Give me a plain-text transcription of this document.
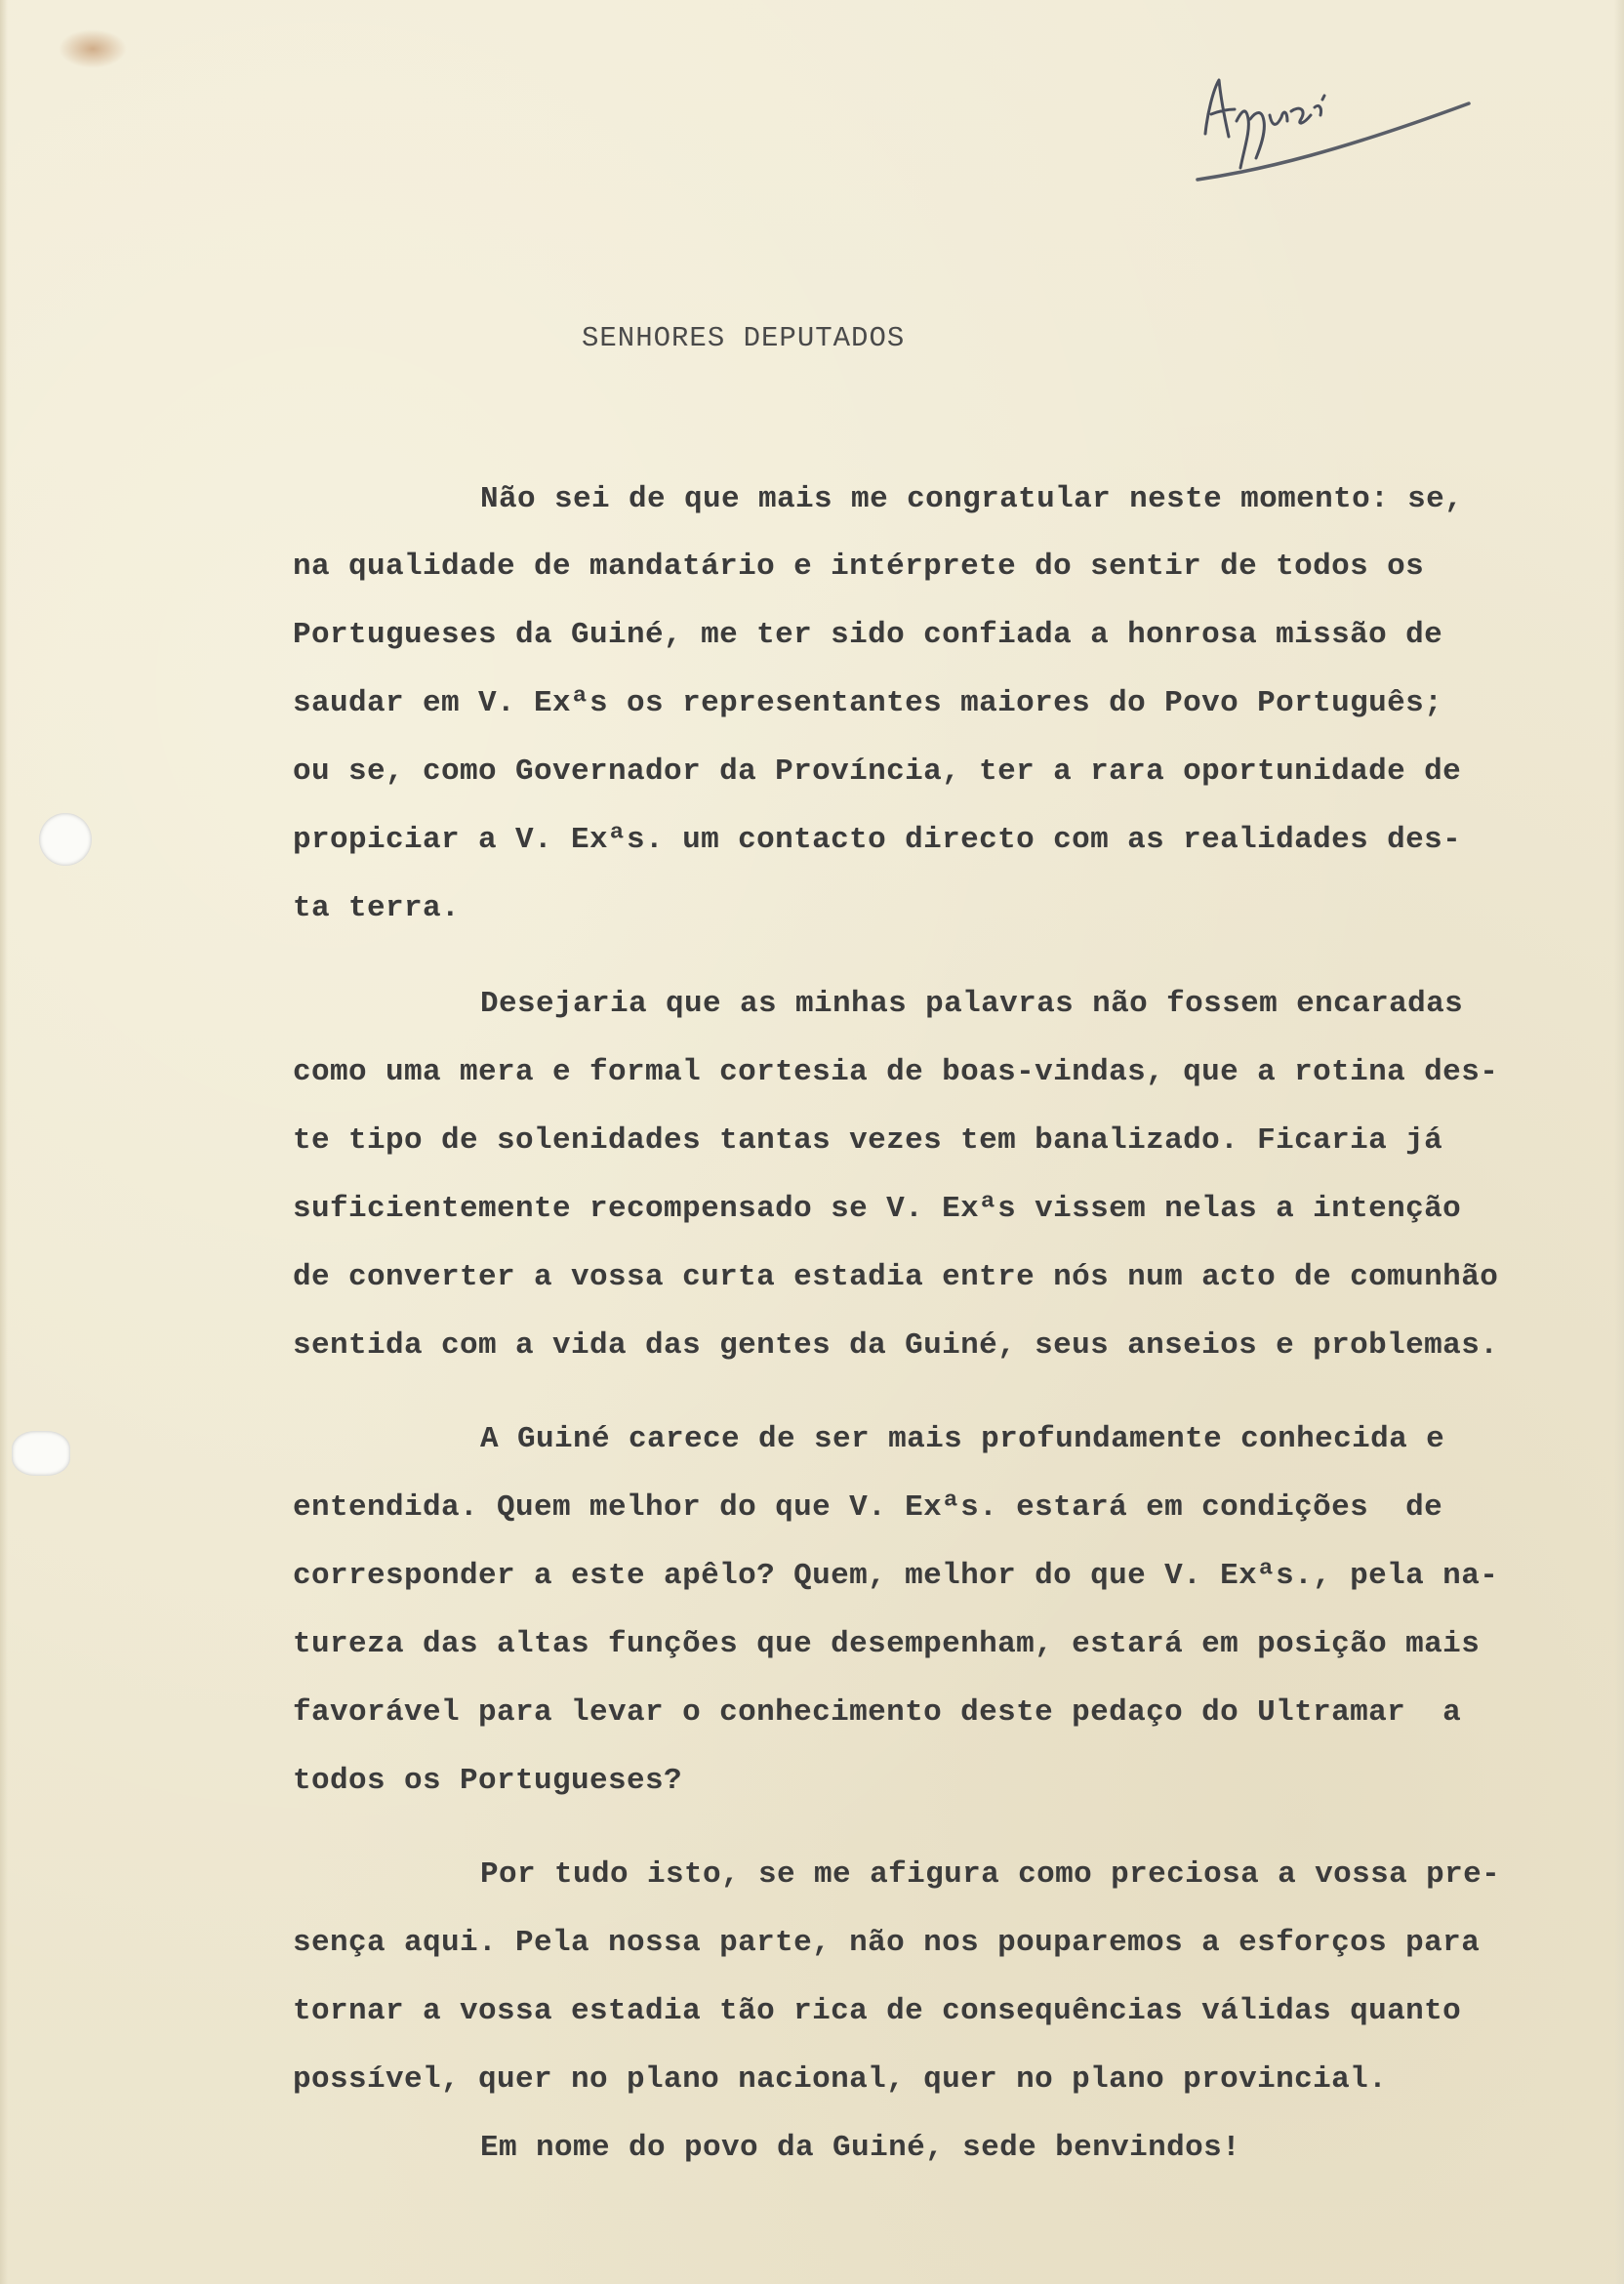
SENHORES DEPUTADOS
Não sei de que mais me congratular neste momento: se,
na qualidade de mandatário e intérprete do sentir de todos os
Portugueses da Guiné, me ter sido confiada a honrosa missão de
saudar em V. Exªs os representantes maiores do Povo Português;
ou se, como Governador da Província, ter a rara oportunidade de
propiciar a V. Exªs. um contacto directo com as realidades des-
ta terra.
Desejaria que as minhas palavras não fossem encaradas
como uma mera e formal cortesia de boas-vindas, que a rotina des-
te tipo de solenidades tantas vezes tem banalizado. Ficaria já
suficientemente recompensado se V. Exªs vissem nelas a intenção
de converter a vossa curta estadia entre nós num acto de comunhão
sentida com a vida das gentes da Guiné, seus anseios e problemas.
A Guiné carece de ser mais profundamente conhecida e
entendida. Quem melhor do que V. Exªs. estará em condições  de
corresponder a este apêlo? Quem, melhor do que V. Exªs., pela na-
tureza das altas funções que desempenham, estará em posição mais
favorável para levar o conhecimento deste pedaço do Ultramar  a
todos os Portugueses?
Por tudo isto, se me afigura como preciosa a vossa pre-
sença aqui. Pela nossa parte, não nos pouparemos a esforços para
tornar a vossa estadia tão rica de consequências válidas quanto
possível, quer no plano nacional, quer no plano provincial.
Em nome do povo da Guiné, sede benvindos!
